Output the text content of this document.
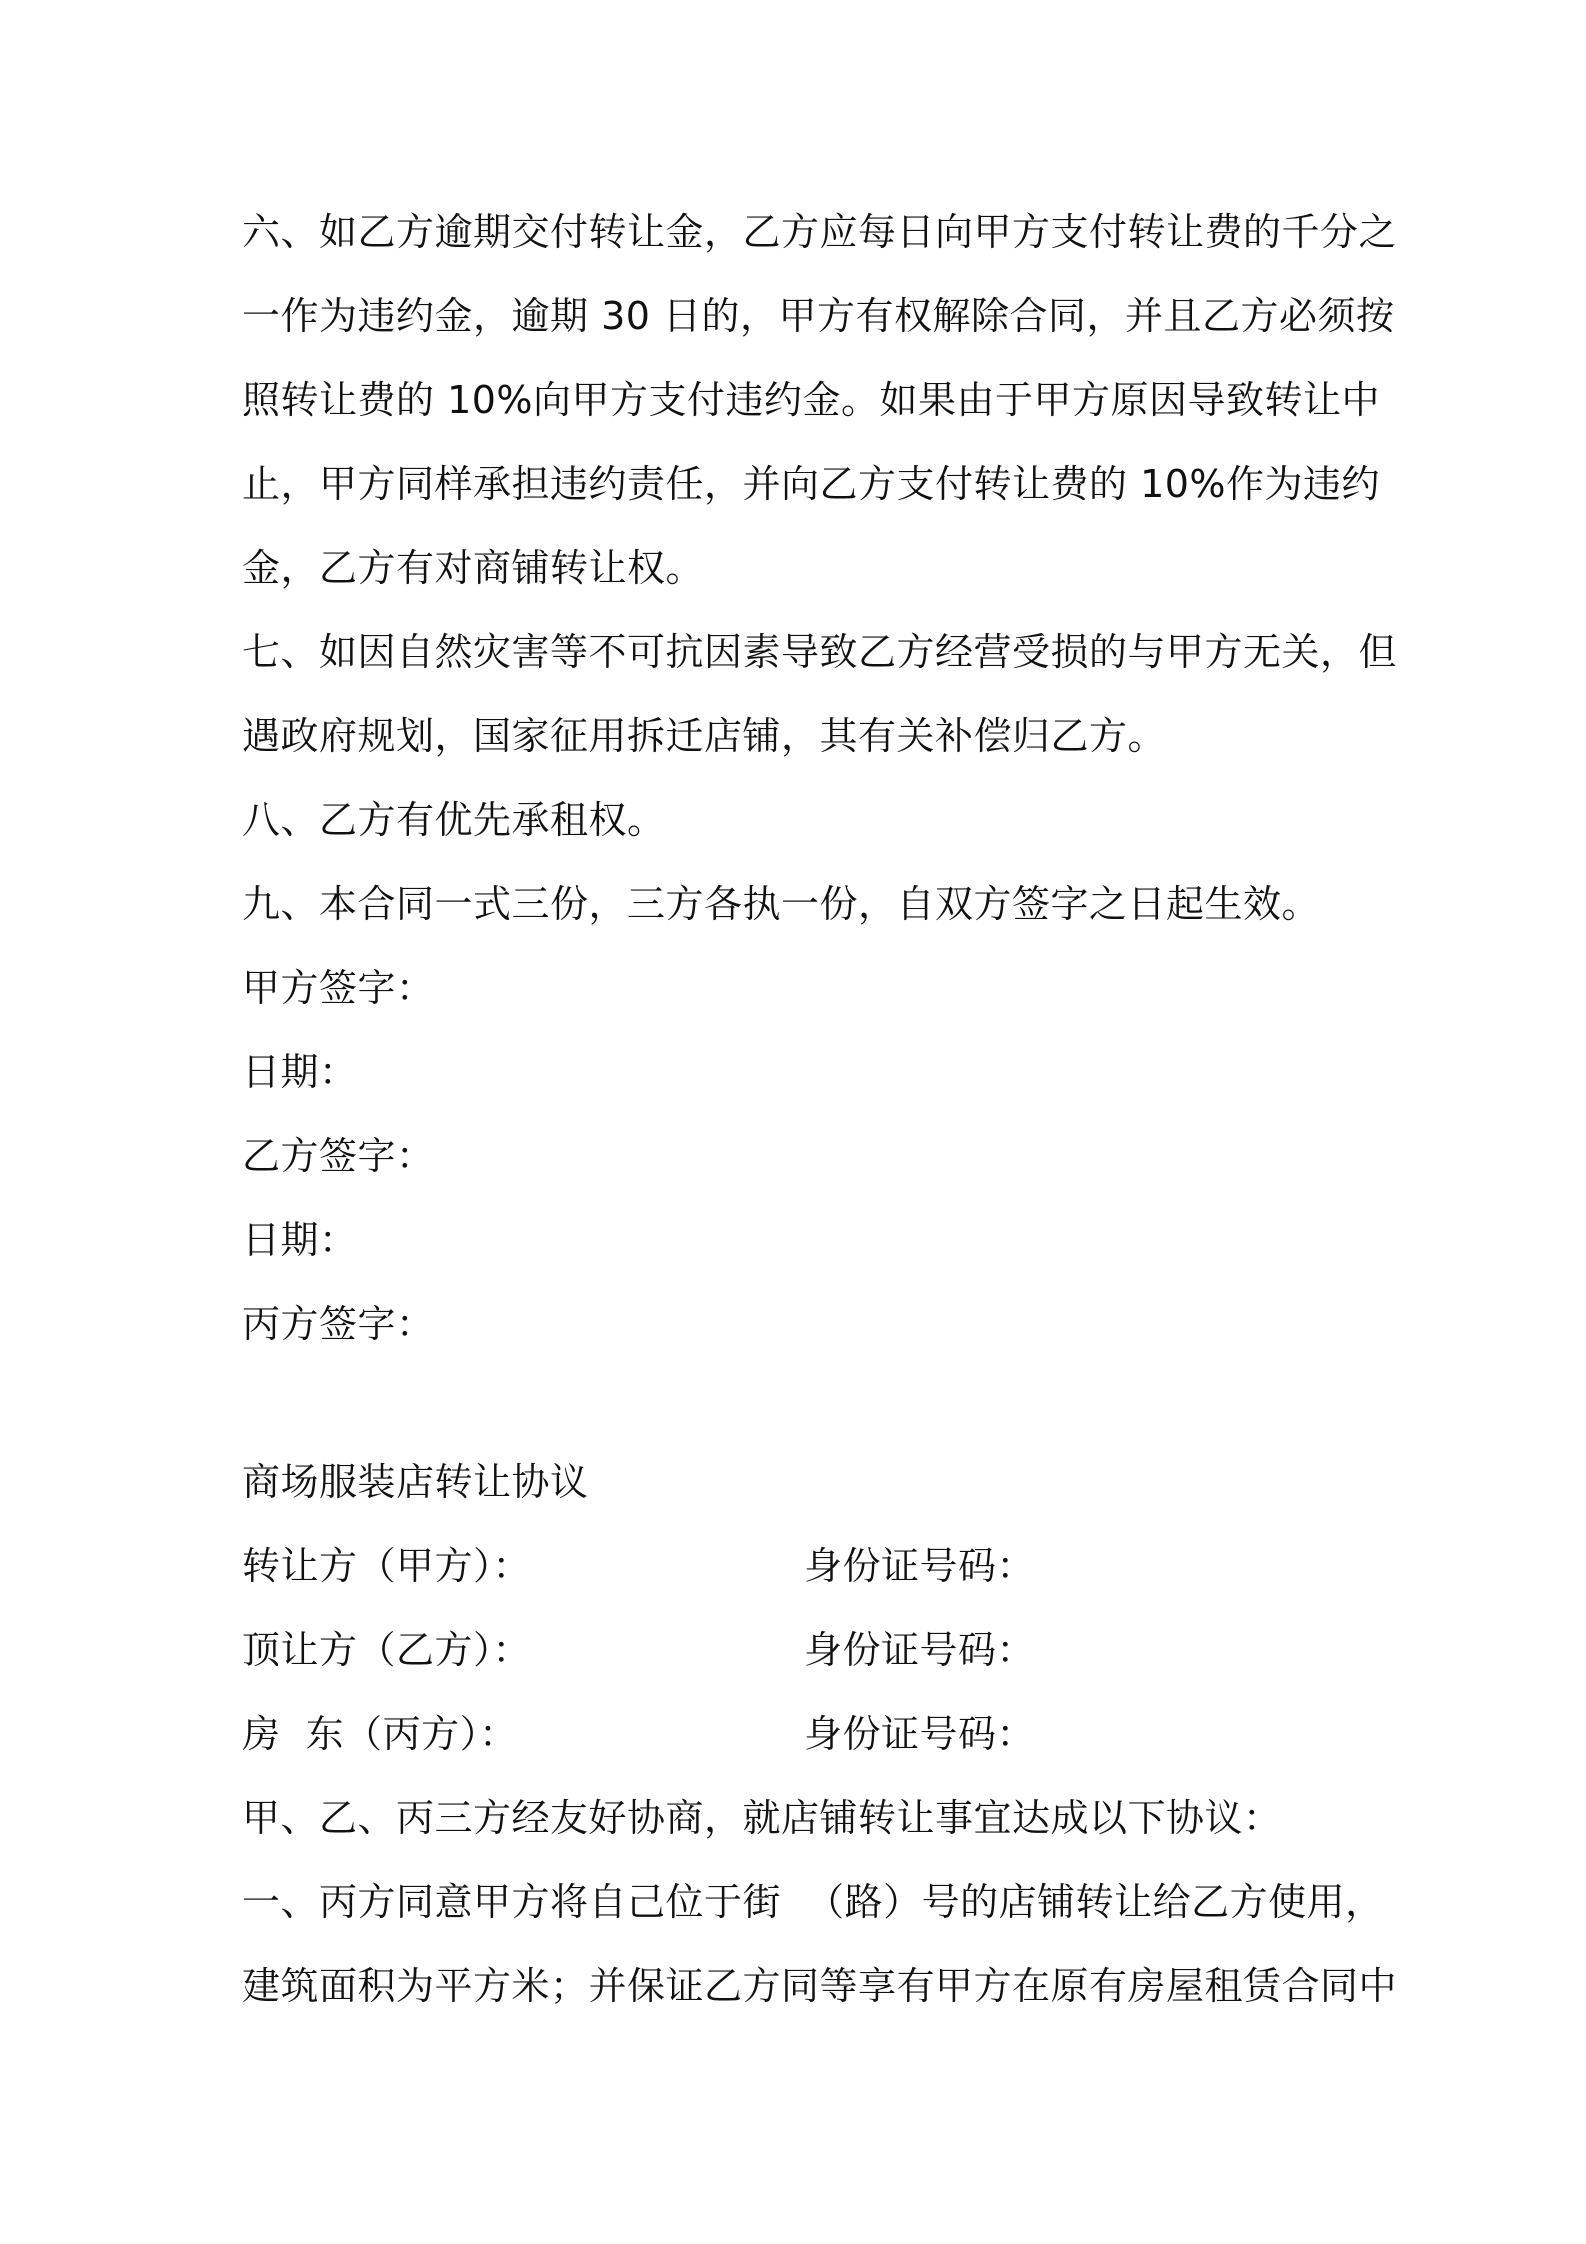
六、如乙方逾期交付转让金，乙方应每日向甲方支付转让费的千分之
一作为违约金，逾期 30 日的，甲方有权解除合同，并且乙方必须按
照转让费的 10%向甲方支付违约金。如果由于甲方原因导致转让中
止，甲方同样承担违约责任，并向乙方支付转让费的 10%作为违约
金，乙方有对商铺转让权。
七、如因自然灾害等不可抗因素导致乙方经营受损的与甲方无关，但
遇政府规划，国家征用拆迁店铺，其有关补偿归乙方。
八、乙方有优先承租权。
九、本合同一式三份，三方各执一份，自双方签字之日起生效。
甲方签字：
日期：
乙方签字：
日期：
丙方签字：
商场服装店转让协议
转让方（甲方）：	身份证号码：
顶让方（乙方）：	身份证号码：
房  东（丙方）：	身份证号码：
甲、乙、丙三方经友好协商，就店铺转让事宜达成以下协议：
一、丙方同意甲方将自己位于街  （路）号的店铺转让给乙方使用，
建筑面积为平方米；并保证乙方同等享有甲方在原有房屋租赁合同中
